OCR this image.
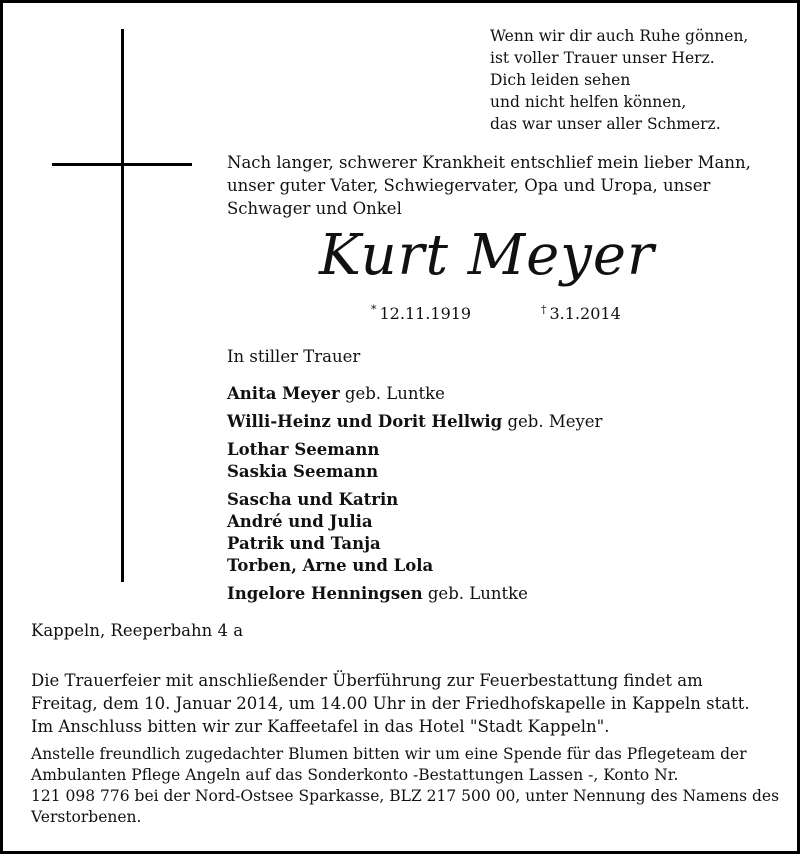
Wenn wir dir auch Ruhe gönnen,
ist voller Trauer unser Herz.
Dich leiden sehen
und nicht helfen können,
das war unser aller Schmerz.
Nach langer, schwerer Krankheit entschlief mein lieber Mann,
unser guter Vater, Schwiegervater, Opa und Uropa, unser
Schwager und Onkel
Kurt Meyer
* 12.11.1919	† 3.1.2014
In stiller Trauer
Anita Meyer geb. Luntke
Willi-Heinz und Dorit Hellwig geb. Meyer
Lothar Seemann
Saskia Seemann
Sascha und Katrin
André und Julia
Patrik und Tanja
Torben, Arne und Lola
Ingelore Henningsen geb. Luntke
Kappeln, Reeperbahn 4 a
Die Trauerfeier mit anschließender Überführung zur Feuerbestattung findet am
Freitag, dem 10. Januar 2014, um 14.00 Uhr in der Friedhofskapelle in Kappeln statt.
Im Anschluss bitten wir zur Kaffeetafel in das Hotel "Stadt Kappeln".
Anstelle freundlich zugedachter Blumen bitten wir um eine Spende für das Pflegeteam der
Ambulanten Pflege Angeln auf das Sonderkonto -Bestattungen Lassen -, Konto Nr.
121 098 776 bei der Nord-Ostsee Sparkasse, BLZ 217 500 00, unter Nennung des Namens des
Verstorbenen.
